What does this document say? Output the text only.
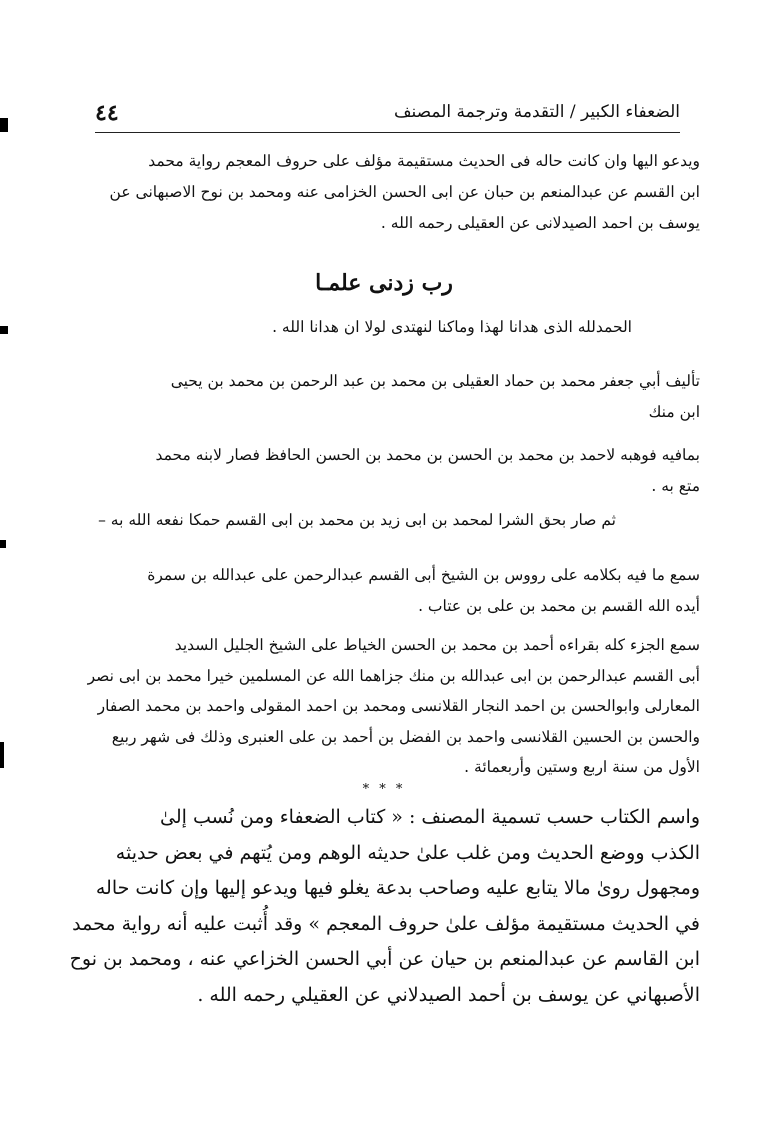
الضعفاء الكبير / التقدمة وترجمة المصنف
٤٤
ويدعو اليها وان كانت حاله فى الحديث مستقيمة مؤلف على حروف المعجم رواية محمد
ابن القسم عن عبدالمنعم بن حبان عن ابى الحسن الخزامى عنه ومحمد بن نوح الاصبهانى عن
يوسف بن احمد الصيدلانى عن العقيلى رحمه الله .
رب زدنى علمـا
الحمدلله الذى هدانا لهذا وماكنا لنهتدى لولا ان هدانا الله .
تأليف أبي جعفر محمد بن حماد العقيلى بن محمد بن عبد الرحمن بن محمد بن يحيى
ابن منك
بمافيه فوهبه لاحمد بن محمد بن الحسن بن محمد بن الحسن الحافظ فصار لابنه محمد
متع به .
ثم صار بحق الشرا لمحمد بن ابى زيد بن محمد بن ابى القسم حمكا نفعه الله به –
سمع ما فيه بكلامه على رووس بن الشيخ أبى القسم عبدالرحمن على عبدالله بن سمرة
أيده الله القسم بن محمد بن على بن عتاب .
سمع الجزء كله بقراءه أحمد بن محمد بن الحسن الخياط على الشيخ الجليل السديد
أبى القسم عبدالرحمن بن ابى عبدالله بن منك جزاهما الله عن المسلمين خيرا محمد بن ابى نصر
المعارلى وابوالحسن بن احمد النجار القلانسى ومحمد بن احمد المقولى واحمد بن محمد الصفار
والحسن بن الحسين القلانسى واحمد بن الفضل بن أحمد بن على العنبرى وذلك فى شهر ربيع
الأول من سنة اربع وستين وأربعمائة .
* * *
واسم الكتاب حسب تسمية المصنف : « كتاب الضعفاء ومن نُسب إلىٰ
الكذب ووضع الحديث ومن غلب علىٰ حديثه الوهم ومن يُتهم في بعض حديثه
ومجهول روىٰ مالا يتابع عليه وصاحب بدعة يغلو فيها ويدعو إليها وإن كانت حاله
في الحديث مستقيمة مؤلف علىٰ حروف المعجم » وقد أُثبت عليه أنه رواية محمد
ابن القاسم عن عبدالمنعم بن حيان عن أبي الحسن الخزاعي عنه ، ومحمد بن نوح
الأصبهاني عن يوسف بن أحمد الصيدلاني عن العقيلي رحمه الله .
